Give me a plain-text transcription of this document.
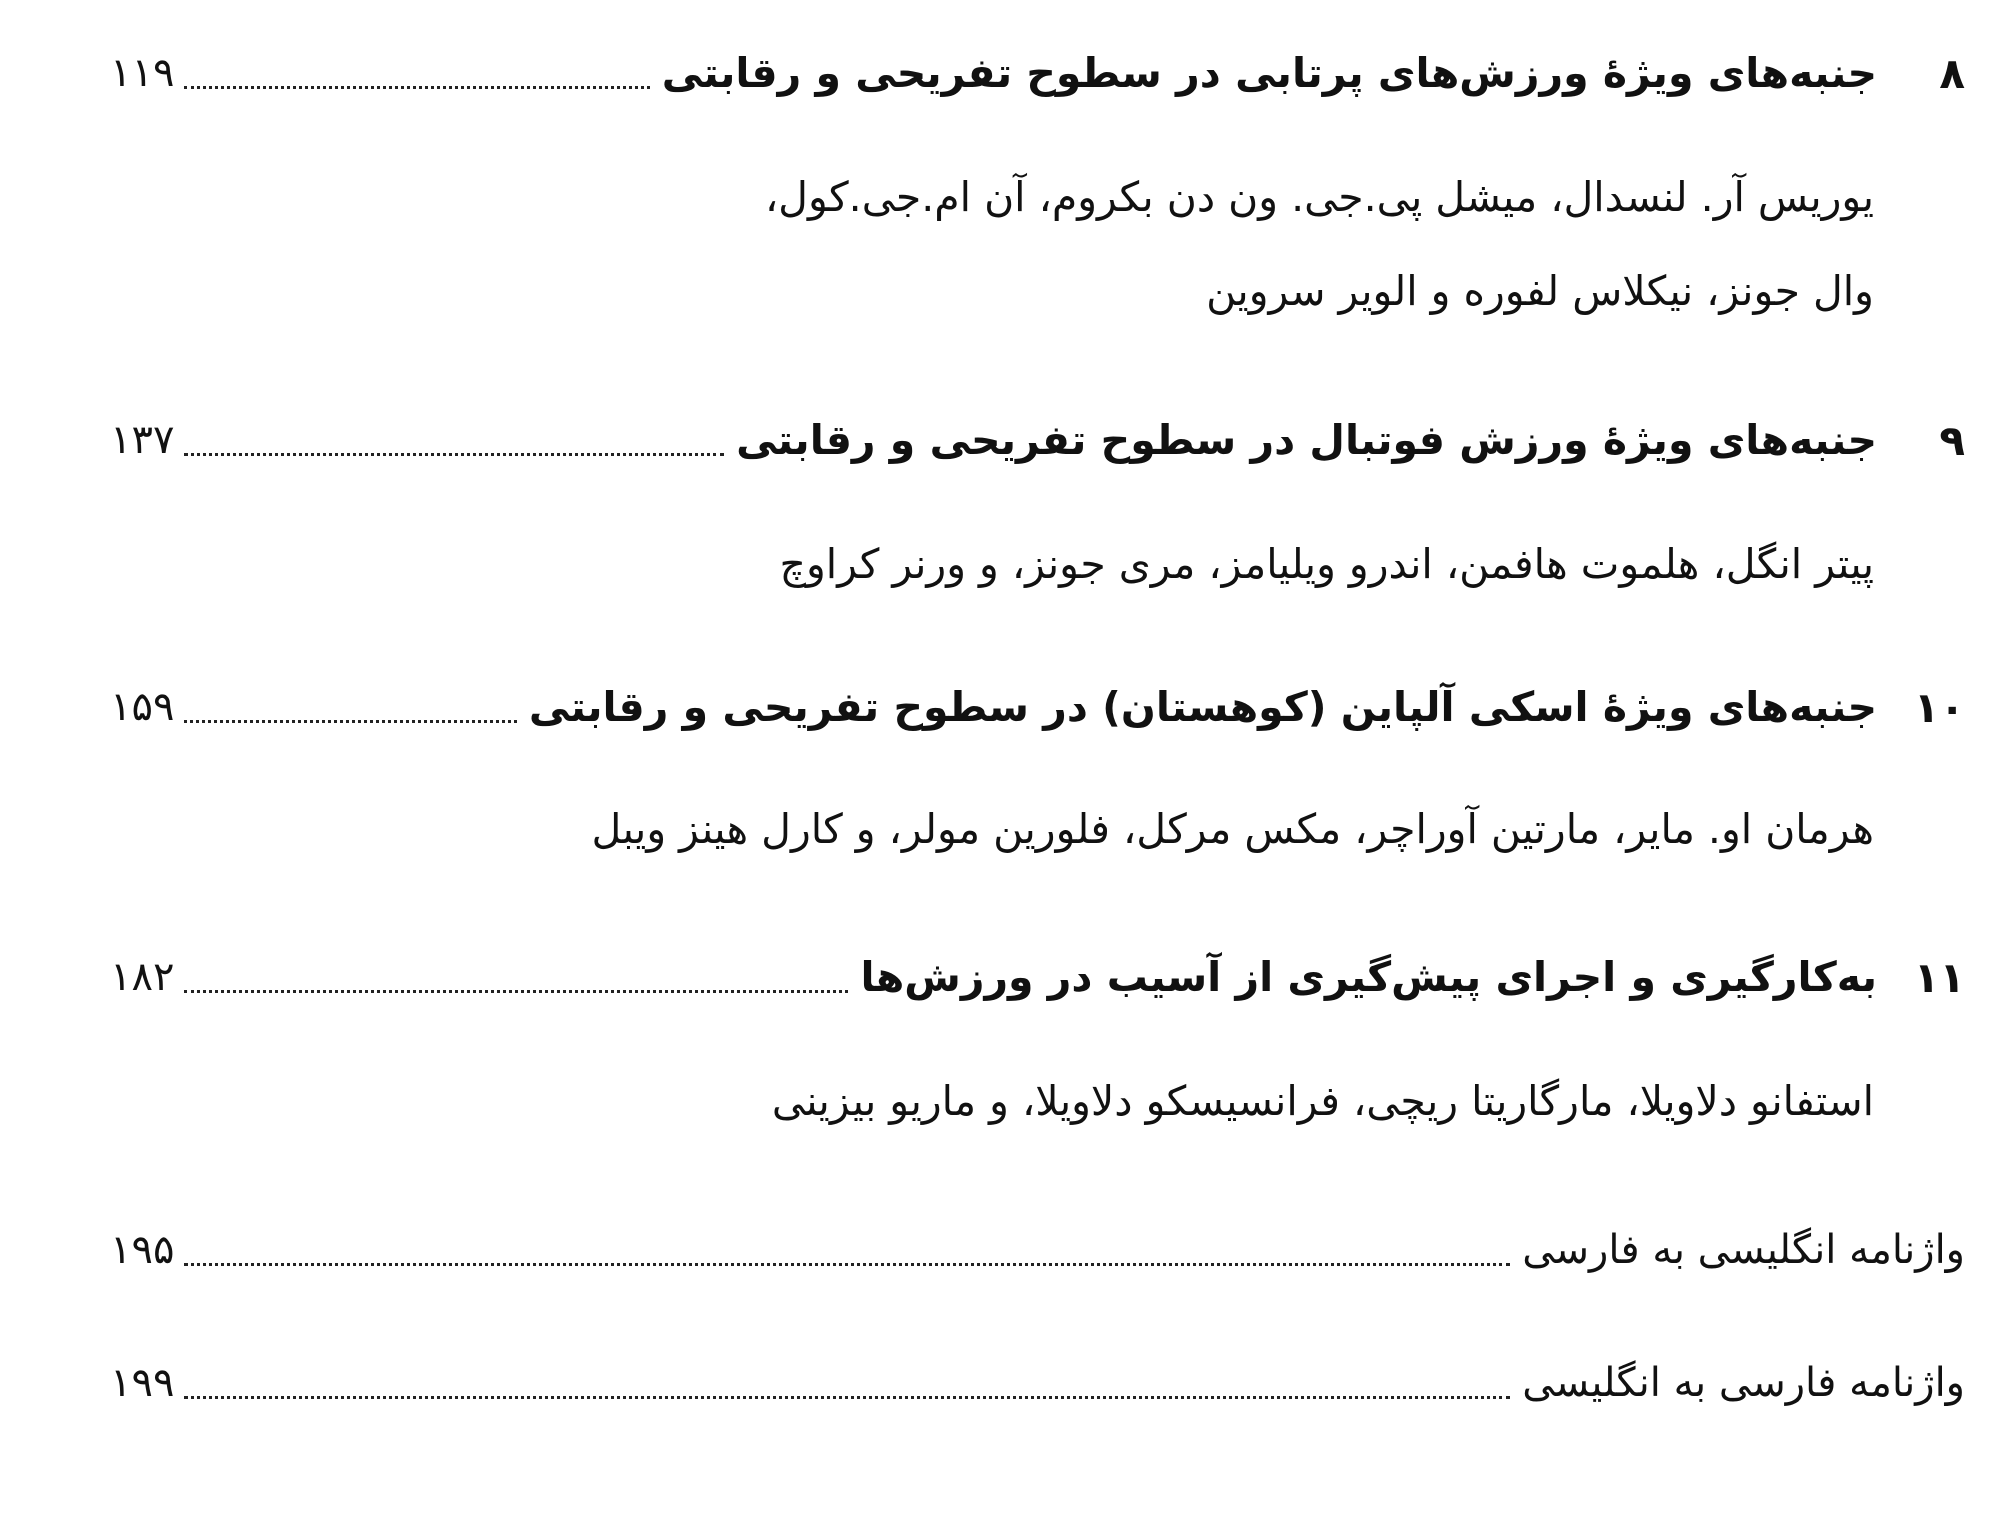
۸
جنبه‌های ویژهٔ ورزش‌های پرتابی در سطوح تفریحی و رقابتی
۱۱۹
یوریس آر. لنسدال، میشل پی.جی. ون دن بکروم، آن ام.جی.کول،
وال جونز، نیکلاس لفوره و الویر سروین
۹
جنبه‌های ویژهٔ ورزش فوتبال در سطوح تفریحی و رقابتی
۱۳۷
پیتر انگل، هلموت هافمن، اندرو ویلیامز، مری جونز، و ورنر کراوچ
۱۰
جنبه‌های ویژهٔ اسکی آلپاین (کوهستان) در سطوح تفریحی و رقابتی
۱۵۹
هرمان او. مایر، مارتین آوراچر، مکس مرکل، فلورین مولر، و کارل هینز ویبل
۱۱
به‌کارگیری و اجرای پیش‌گیری از آسیب در ورزش‌ها
۱۸۲
استفانو دلاویلا، مارگاریتا ریچی، فرانسیسکو دلاویلا، و ماریو بیزینی
واژنامه انگلیسی به فارسی
۱۹۵
واژنامه فارسی به انگلیسی
۱۹۹
